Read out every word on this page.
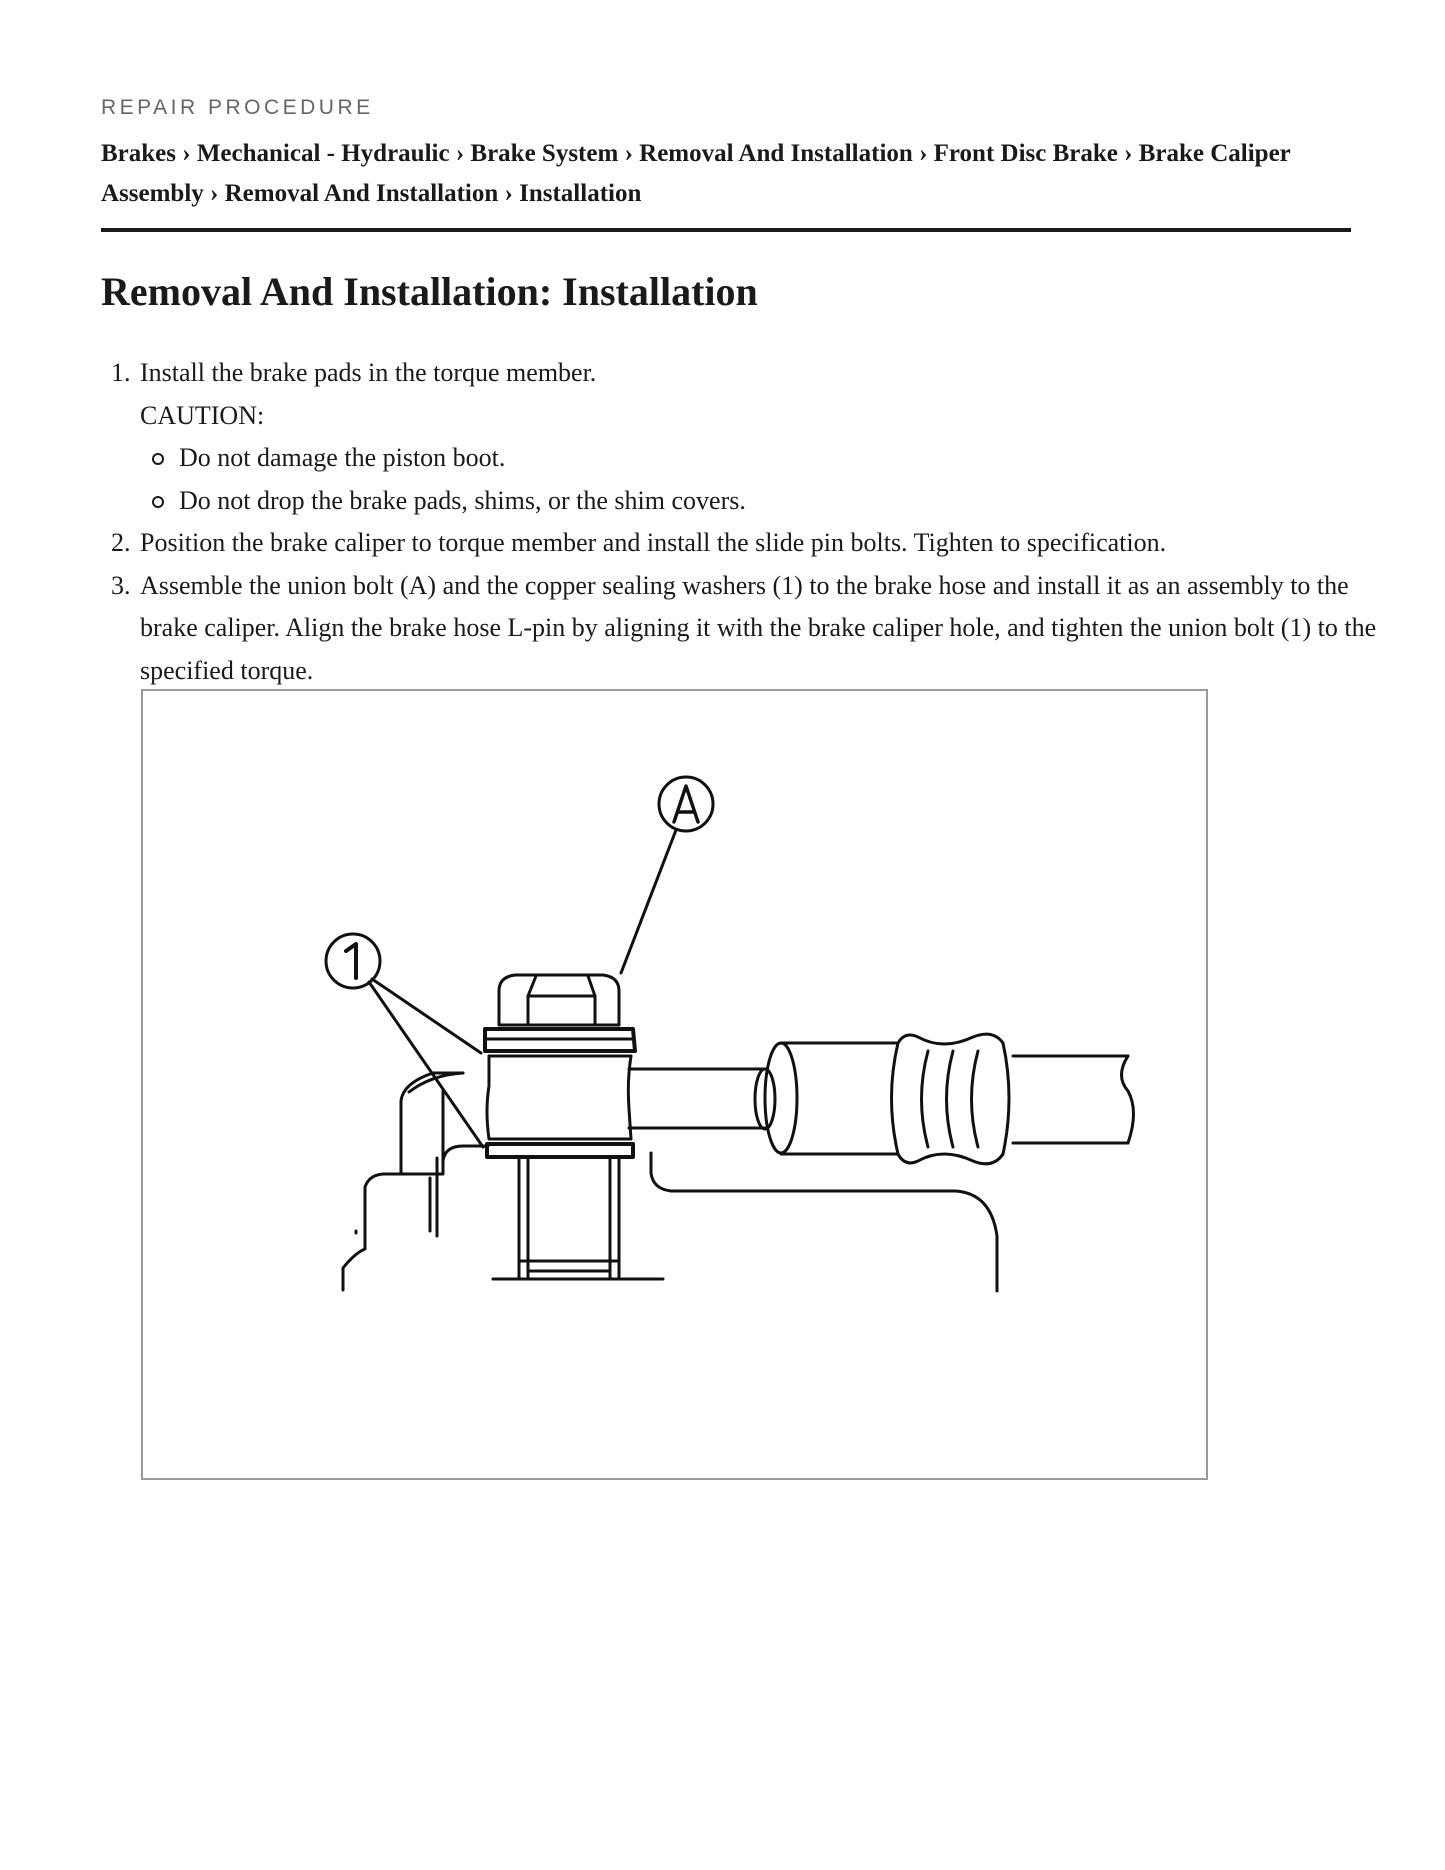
REPAIR PROCEDURE
Brakes › Mechanical - Hydraulic › Brake System › Removal And Installation › Front Disc Brake › Brake Caliper Assembly › Removal And Installation › Installation
Removal And Installation: Installation
1. Install the brake pads in the torque member.
CAUTION:
Do not damage the piston boot.
Do not drop the brake pads, shims, or the shim covers.
2. Position the brake caliper to torque member and install the slide pin bolts. Tighten to specification.
3. Assemble the union bolt (A) and the copper sealing washers (1) to the brake hose and install it as an assembly to the brake caliper. Align the brake hose L-pin by aligning it with the brake caliper hole, and tighten the union bolt (1) to the specified torque.
